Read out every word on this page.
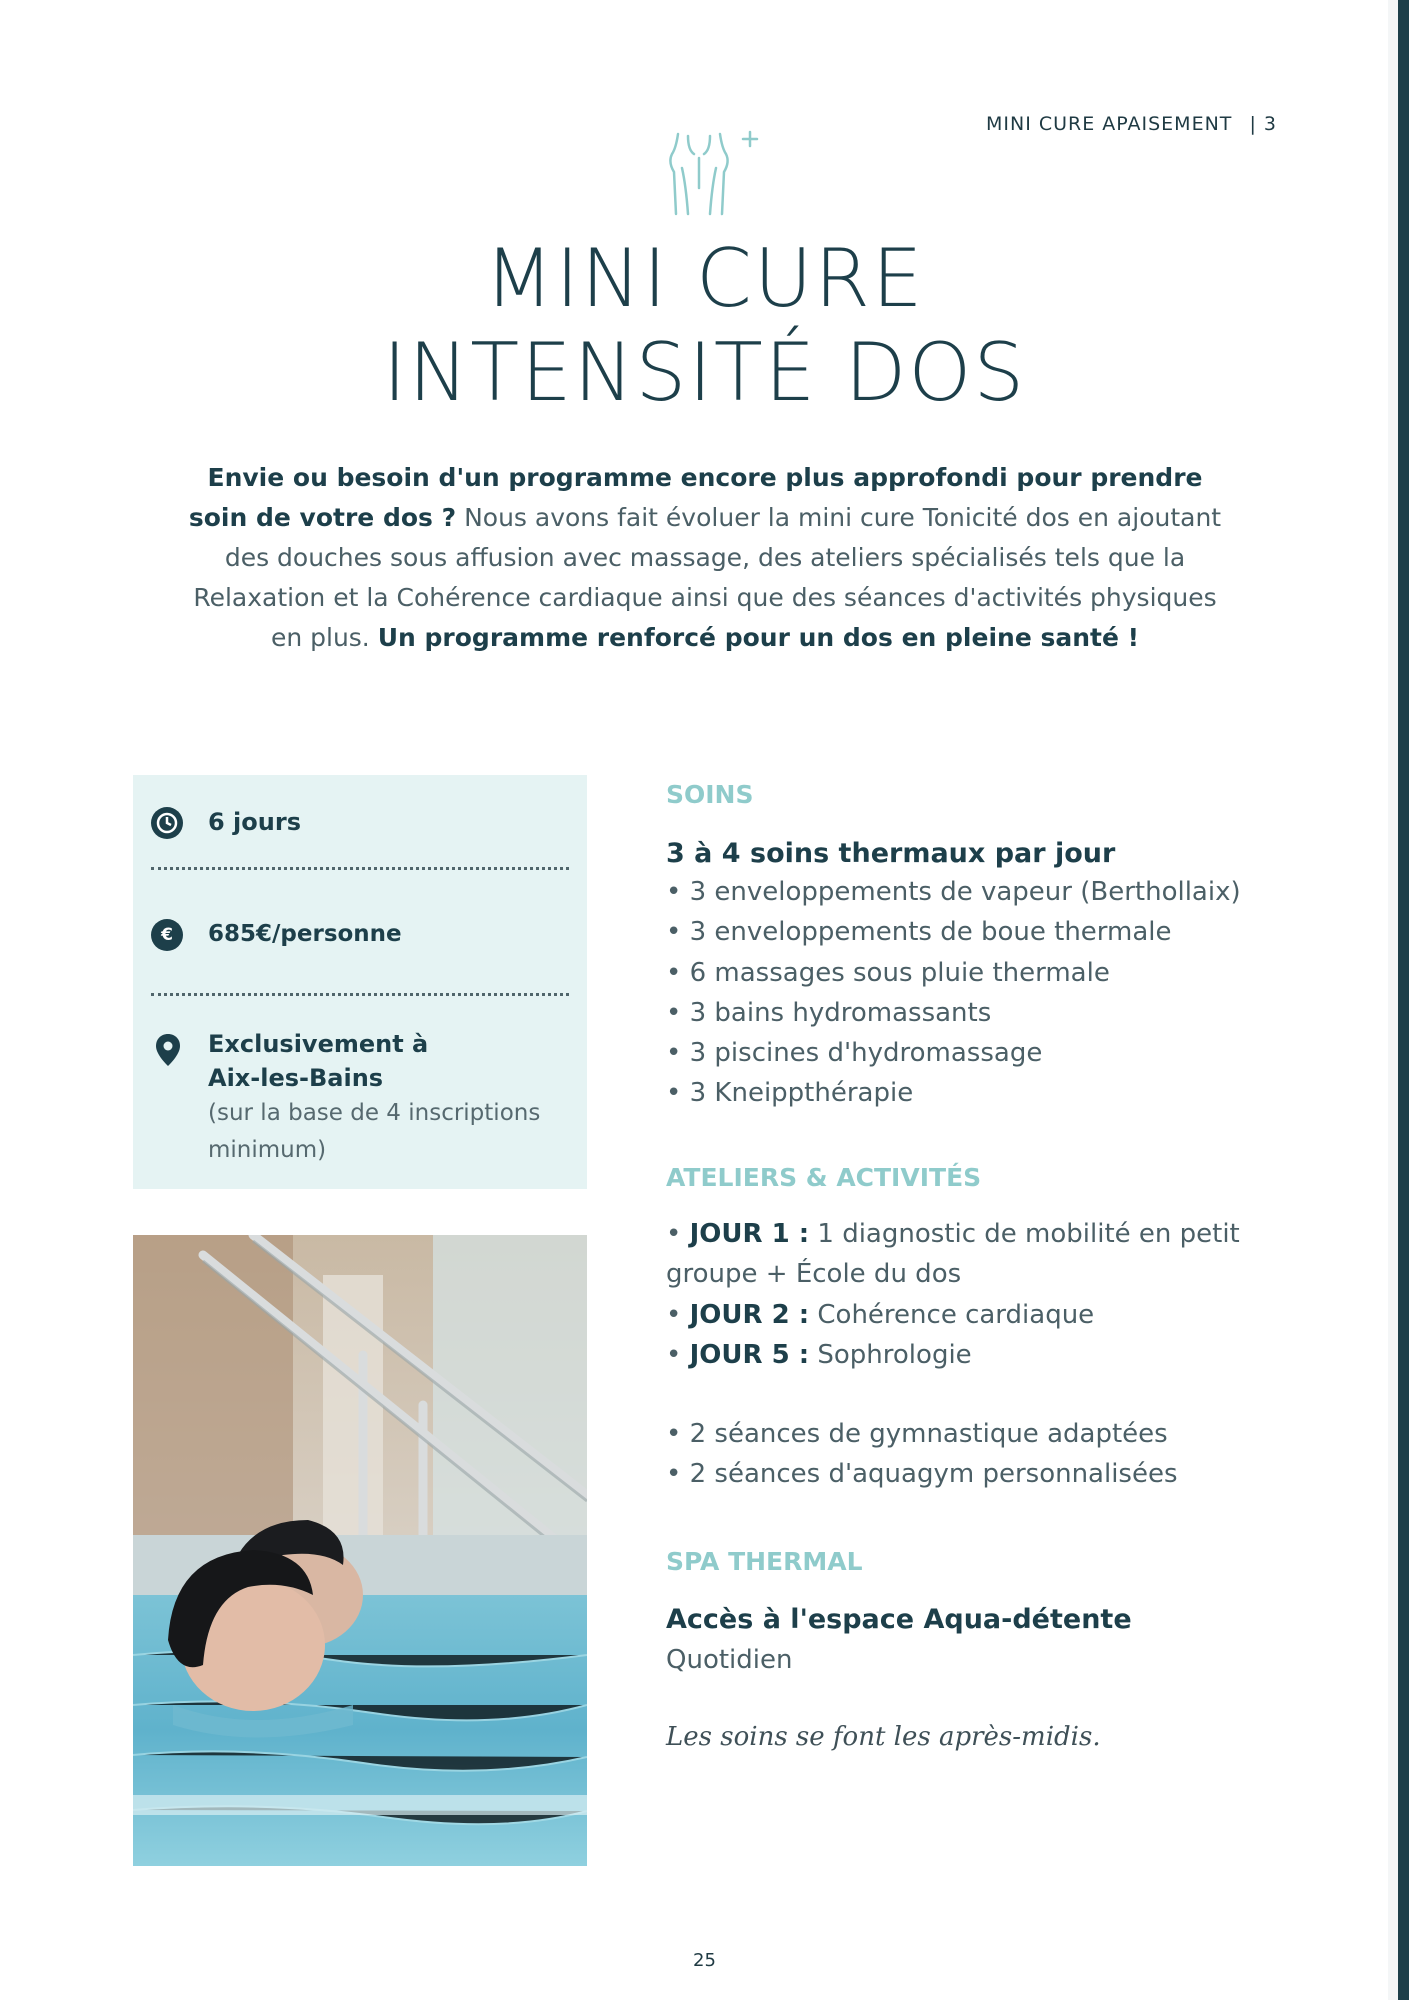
MINI CURE APAISEMENT | 3
MINI CURE
INTENSITÉ DOS

Envie ou besoin d'un programme encore plus approfondi pour prendre soin de votre dos ? Nous avons fait évoluer la mini cure Tonicité dos en ajoutant des douches sous affusion avec massage, des ateliers spécialisés tels que la Relaxation et la Cohérence cardiaque ainsi que des séances d'activités physiques en plus. Un programme renforcé pour un dos en pleine santé !

6 jours
€	685€/personne
Exclusivement à
Aix-les-Bains
(sur la base de 4 inscriptions
minimum)
SOINS
3 à 4 soins thermaux par jour
• 3 enveloppements de vapeur (Berthollaix)
• 3 enveloppements de boue thermale
• 6 massages sous pluie thermale
• 3 bains hydromassants
• 3 piscines d'hydromassage
• 3 Kneippthérapie
ATELIERS & ACTIVITÉS
• JOUR 1 : 1 diagnostic de mobilité en petit
groupe + École du dos
• JOUR 2 : Cohérence cardiaque
• JOUR 5 : Sophrologie
• 2 séances de gymnastique adaptées
• 2 séances d'aquagym personnalisées
SPA THERMAL
Accès à l'espace Aqua-détente
Quotidien
Les soins se font les après-midis.
25
